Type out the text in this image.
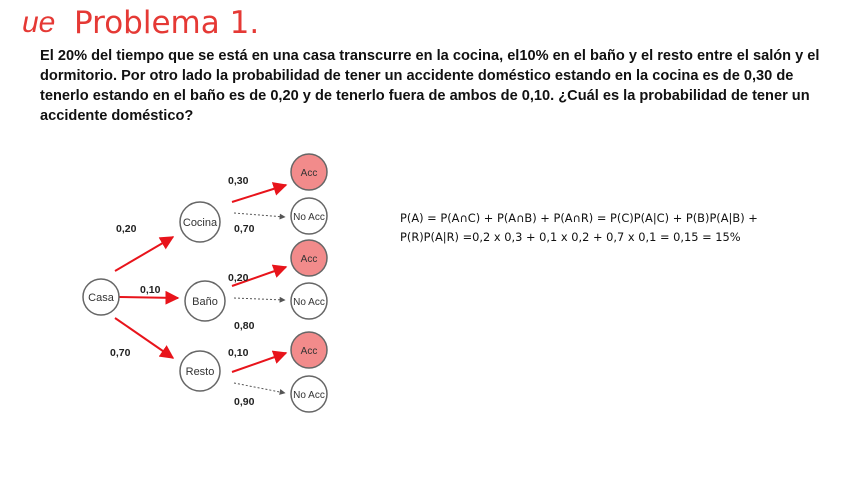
ue Problema 1.

El 20% del tiempo que se está en una casa transcurre en la cocina, el10% en el baño y el resto entre el salón y el dormitorio. Por otro lado la probabilidad de tener un accidente doméstico estando en la cocina es de 0,30 de tenerlo estando en el baño es de 0,20 y de tenerlo fuera de ambos de 0,10. ¿Cuál es la probabilidad de tener un accidente doméstico?

Casa
Cocina
Baño
Resto
Acc
No Acc
Acc
No Acc
Acc
No Acc
0,20
0,10
0,70
0,30
0,70
0,20
0,80
0,10
0,90

P(A) = P(A∩C) + P(A∩B) + P(A∩R) = P(C)P(A|C) + P(B)P(A|B) +
P(R)P(A|R) =0,2 x 0,3 + 0,1 x 0,2 + 0,7 x 0,1 = 0,15 = 15%
